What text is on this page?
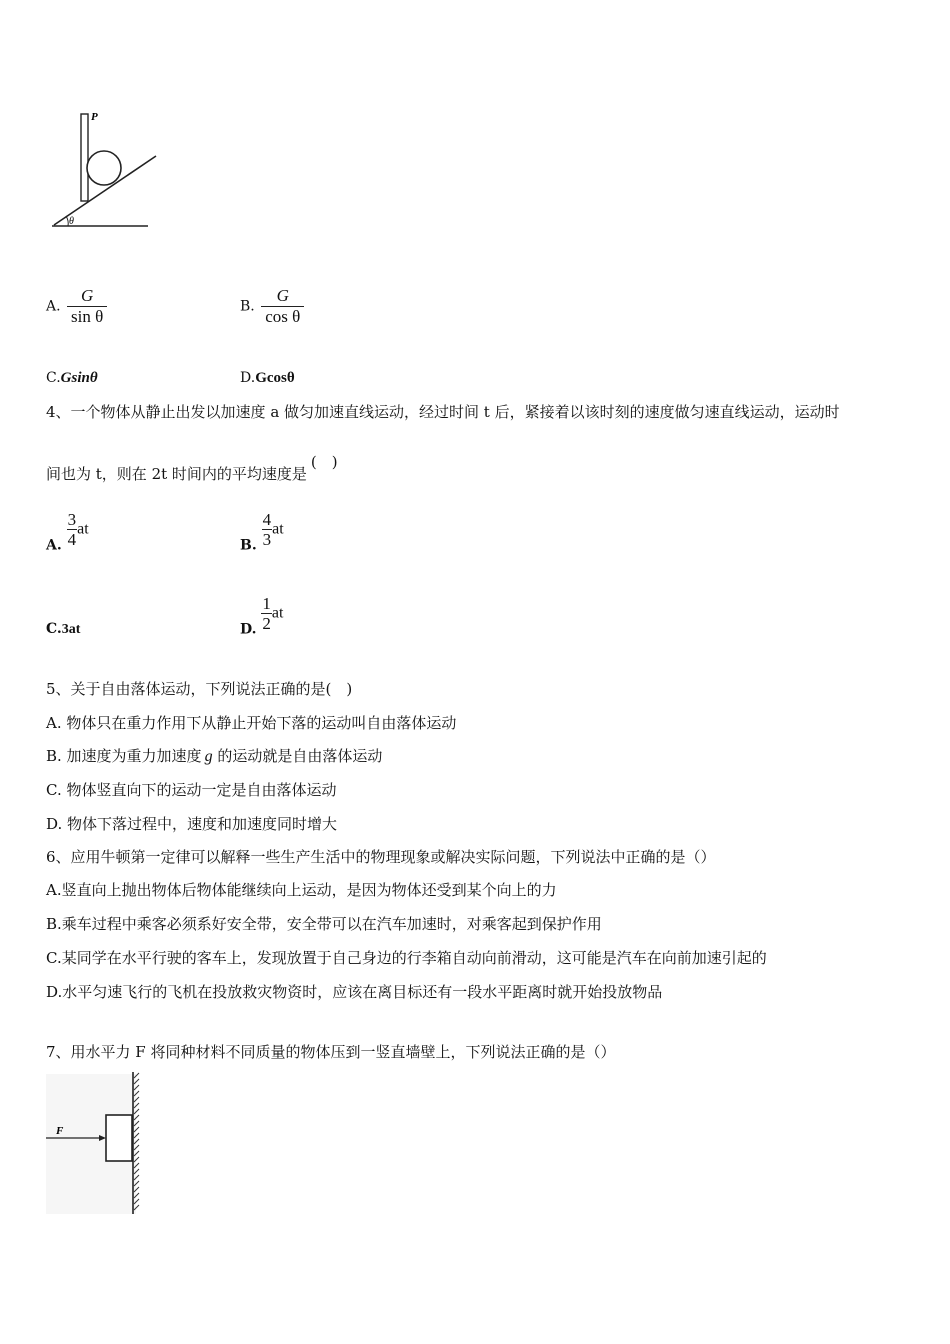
P
θ
A. $\frac{G}{\text{sin θ}}$	B. $\frac{G}{\text{cos θ}}$
C.Gsinθ	D.Gcosθ
4、一个物体从静止出发以加速度 a 做匀加速直线运动，经过时间 t 后，紧接着以该时刻的速度做匀速直线运动，运动时
间也为 t，则在 2t 时间内的平均速度是(　)
A. $\frac{3}{4}$ at
B. $\frac{4}{3}$ at
C.3at	D. $\frac{1}{2}$ at
5、关于自由落体运动，下列说法正确的是(　)
A. 物体只在重力作用下从静止开始下落的运动叫自由落体运动
B. 加速度为重力加速度 g 的运动就是自由落体运动
C. 物体竖直向下的运动一定是自由落体运动
D. 物体下落过程中，速度和加速度同时增大
6、应用牛顿第一定律可以解释一些生产生活中的物理现象或解决实际问题，下列说法中正确的是（）
A.竖直向上抛出物体后物体能继续向上运动，是因为物体还受到某个向上的力
B.乘车过程中乘客必须系好安全带，安全带可以在汽车加速时，对乘客起到保护作用
C.某同学在水平行驶的客车上，发现放置于自己身边的行李箱自动向前滑动，这可能是汽车在向前加速引起的
D.水平匀速飞行的飞机在投放救灾物资时，应该在离目标还有一段水平距离时就开始投放物品
7、用水平力 F 将同种材料不同质量的物体压到一竖直墙壁上，下列说法正确的是（）
F
